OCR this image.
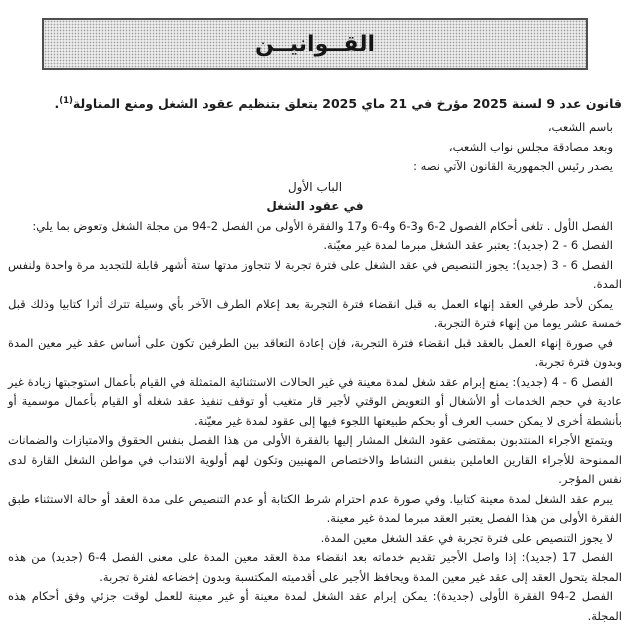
القــوانيــن

قانون عدد 9 لسنة 2025 مؤرخ في 21 ماي 2025 يتعلق بتنظيم عقود الشغل ومنع المناولة$^{(1)}$.

باسم الشعب،

وبعد مصادقة مجلس نواب الشعب،

يصدر رئيس الجمهورية القانون الآتي نصه :

الباب الأول

في عقود الشغل

الفصل الأول . تلغى أحكام الفصول 2-6 و3-6 و4-6 و17 والفقرة الأولى من الفصل 2-94 من مجلة الشغل وتعوض بما يلي:

الفصل 6 - 2 (جديد): يعتبر عقد الشغل مبرما لمدة غير معيّنة.

الفصل 6 - 3 (جديد): يجوز التنصيص في عقد الشغل على فترة تجربة لا تتجاوز مدتها ستة أشهر قابلة للتجديد مرة واحدة ولنفس المدة.

يمكن لأحد طرفي العقد إنهاء العمل به قبل انقضاء فترة التجربة بعد إعلام الطرف الآخر بأي وسيلة تترك أثرا كتابيا وذلك قبل خمسة عشر يوما من إنهاء فترة التجربة.

في صورة إنهاء العمل بالعقد قبل انقضاء فترة التجربة، فإن إعادة التعاقد بين الطرفين تكون على أساس عقد غير معين المدة وبدون فترة تجربة.

الفصل 6 - 4 (جديد): يمنع إبرام عقد شغل لمدة معينة في غير الحالات الاستثنائية المتمثلة في القيام بأعمال استوجبتها زيادة غير عادية في حجم الخدمات أو الأشغال أو التعويض الوقتي لأجير قار متغيب أو توقف تنفيذ عقد شغله أو القيام بأعمال موسمية أو بأنشطة أخرى لا يمكن حسب العرف أو بحكم طبيعتها اللجوء فيها إلى عقود لمدة غير معيّنة.

ويتمتع الأجراء المنتدبون بمقتضى عقود الشغل المشار إليها بالفقرة الأولى من هذا الفصل بنفس الحقوق والامتيازات والضمانات الممنوحة للأجراء القارين العاملين بنفس النشاط والاختصاص المهنيين وتكون لهم أولوية الانتداب في مواطن الشغل القارة لدى نفس المؤجر.

يبرم عقد الشغل لمدة معينة كتابيا. وفي صورة عدم احترام شرط الكتابة أو عدم التنصيص على مدة العقد أو حالة الاستثناء طبق الفقرة الأولى من هذا الفصل يعتبر العقد مبرما لمدة غير معينة.

لا يجوز التنصيص على فترة تجربة في عقد الشغل معين المدة.

الفصل 17 (جديد): إذا واصل الأجير تقديم خدماته بعد انقضاء مدة العقد معين المدة على معنى الفصل 4-6 (جديد) من هذه المجلة يتحول العقد إلى عقد غير معين المدة ويحافظ الأجير على أقدميته المكتسبة وبدون إخضاعه لفترة تجربة.

الفصل 2-94 الفقرة الأولى (جديدة): يمكن إبرام عقد الشغل لمدة معينة أو غير معينة للعمل لوقت جزئي وفق أحكام هذه المجلة.
